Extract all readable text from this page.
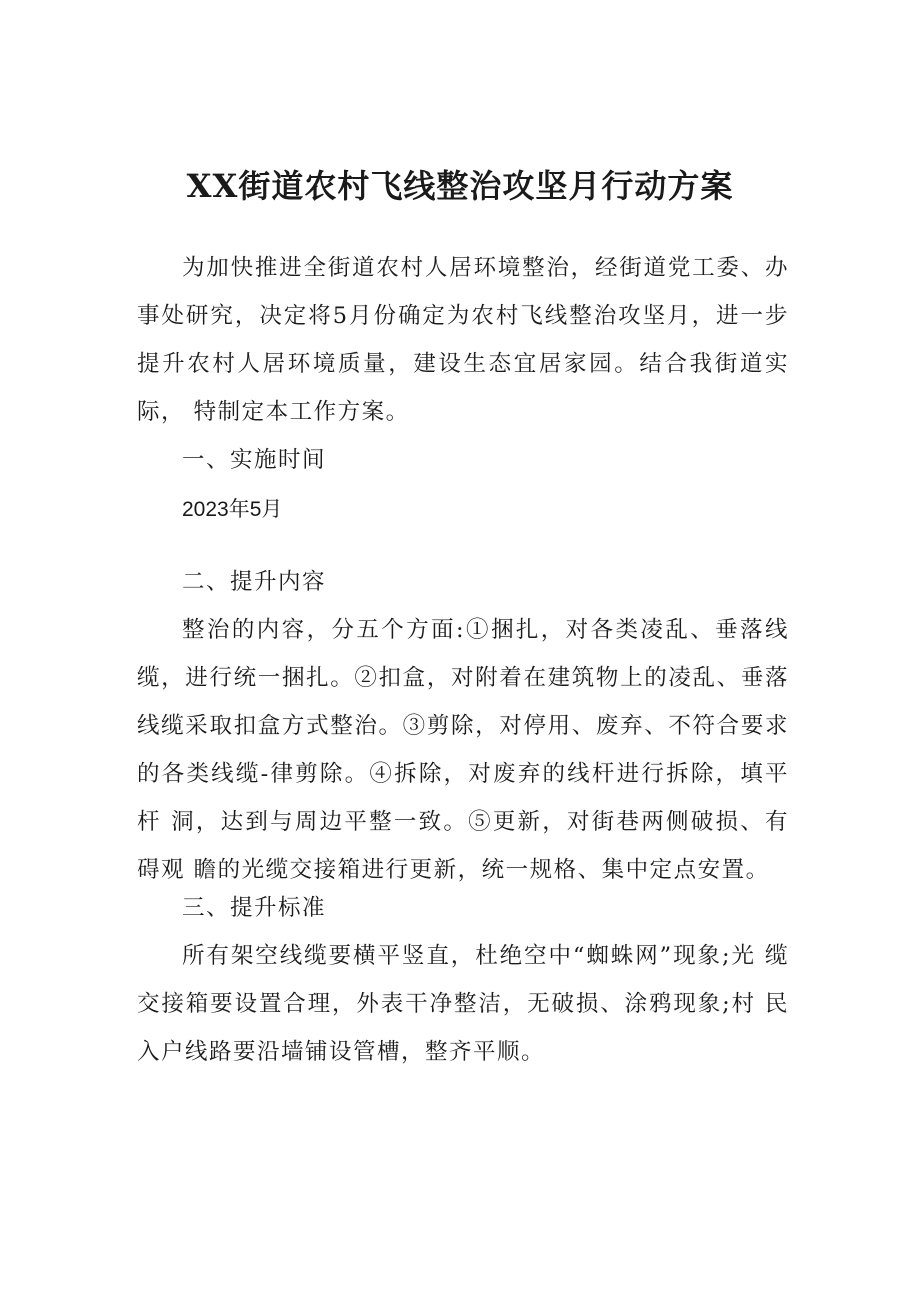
XX街道农村飞线整治攻坚月行动方案
为加快推进全街道农村人居环境整治，经街道党工委、办 事处研究，决定将5月份确定为农村飞线整治攻坚月，进一步 提升农村人居环境质量，建设生态宜居家园。结合我街道实际， 特制定本工作方案。
一、实施时间
2023年5月
二、提升内容
整治的内容，分五个方面:①捆扎，对各类凌乱、垂落线 缆，进行统一捆扎。②扣盒，对附着在建筑物上的凌乱、垂落 线缆采取扣盒方式整治。③剪除，对停用、废弃、不符合要求 的各类线缆-律剪除。④拆除，对废弃的线杆进行拆除，填平杆 洞，达到与周边平整一致。⑤更新，对街巷两侧破损、有碍观 瞻的光缆交接箱进行更新，统一规格、集中定点安置。
三、提升标准
所有架空线缆要横平竖直，杜绝空中“蜘蛛网”现象;光 缆交接箱要设置合理，外表干净整洁，无破损、涂鸦现象;村 民入户线路要沿墙铺设管槽，整齐平顺。
